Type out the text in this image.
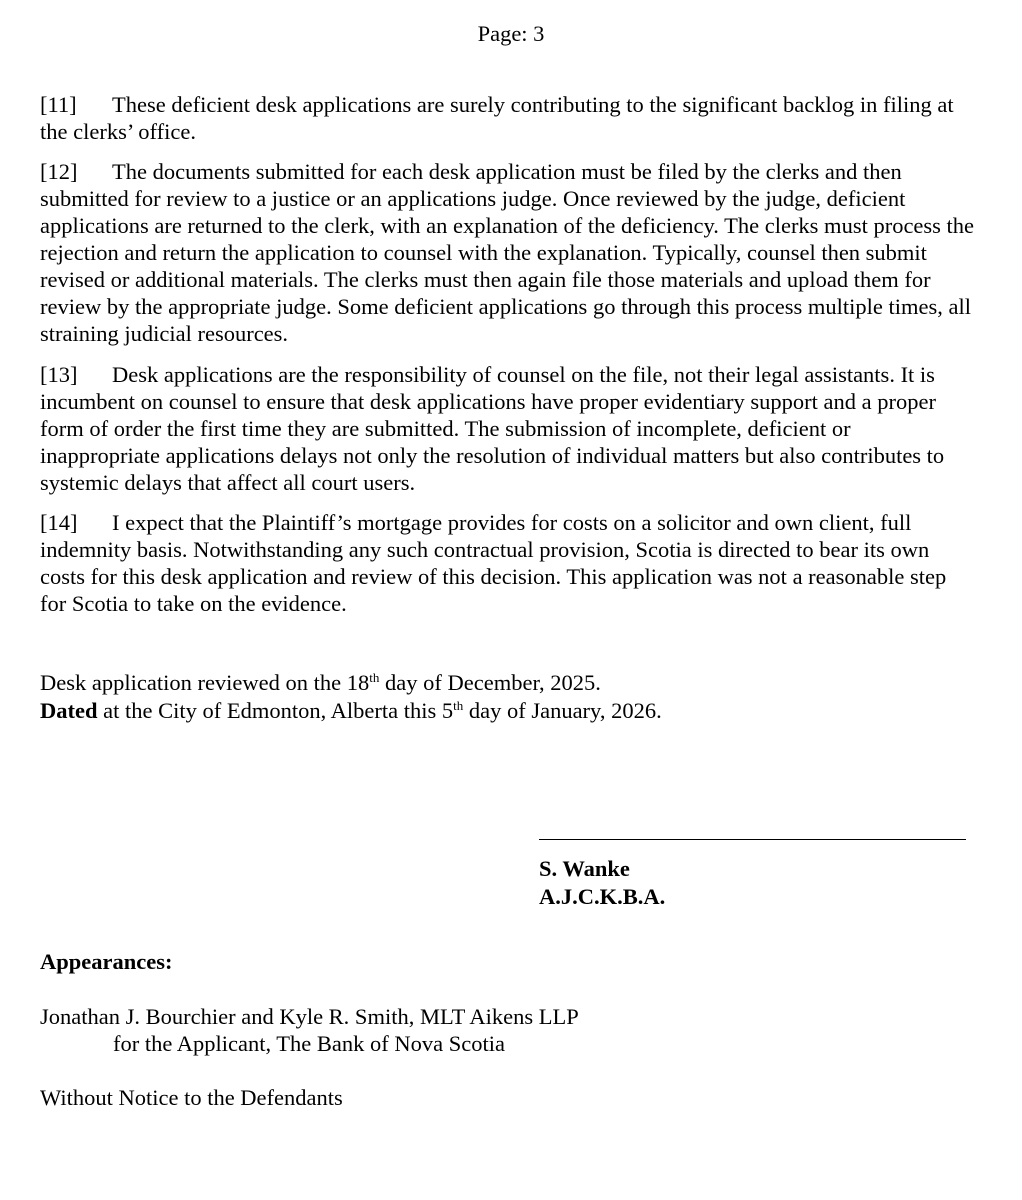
Page: 3

[11] These deficient desk applications are surely contributing to the significant backlog in filing at the clerks’ office.

[12] The documents submitted for each desk application must be filed by the clerks and then submitted for review to a justice or an applications judge. Once reviewed by the judge, deficient applications are returned to the clerk, with an explanation of the deficiency. The clerks must process the rejection and return the application to counsel with the explanation. Typically, counsel then submit revised or additional materials. The clerks must then again file those materials and upload them for review by the appropriate judge. Some deficient applications go through this process multiple times, all straining judicial resources.

[13] Desk applications are the responsibility of counsel on the file, not their legal assistants. It is incumbent on counsel to ensure that desk applications have proper evidentiary support and a proper form of order the first time they are submitted. The submission of incomplete, deficient or inappropriate applications delays not only the resolution of individual matters but also contributes to systemic delays that affect all court users.

[14] I expect that the Plaintiff’s mortgage provides for costs on a solicitor and own client, full indemnity basis. Notwithstanding any such contractual provision, Scotia is directed to bear its own costs for this desk application and review of this decision. This application was not a reasonable step for Scotia to take on the evidence.

Desk application reviewed on the 18th day of December, 2025.
Dated at the City of Edmonton, Alberta this 5th day of January, 2026.
S. Wanke
A.J.C.K.B.A.
Appearances:
Jonathan J. Bourchier and Kyle R. Smith, MLT Aikens LLP
for the Applicant, The Bank of Nova Scotia
Without Notice to the Defendants
